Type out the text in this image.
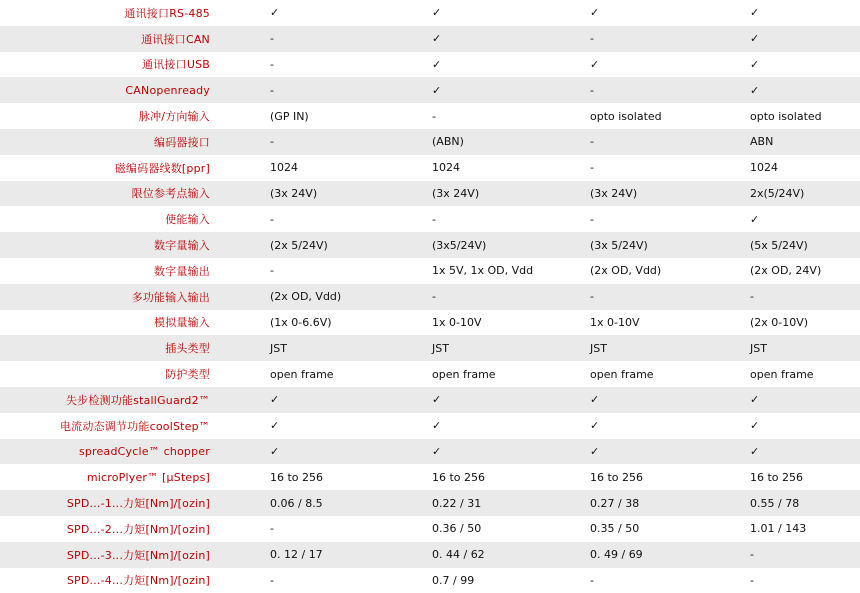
通讯接口RS-485	✓	✓	✓	✓
通讯接口CAN	-	✓	-	✓
通讯接口USB	-	✓	✓	✓
CANopenready	-	✓	-	✓
脉冲/方向输入	(GP IN)	-	opto isolated	opto isolated
编码器接口	-	(ABN)	-	ABN
磁编码器线数[ppr]	1024	1024	-	1024
限位参考点输入	(3x 24V)	(3x 24V)	(3x 24V)	2x(5/24V)
使能输入	-	-	-	✓
数字量输入	(2x 5/24V)	(3x5/24V)	(3x 5/24V)	(5x 5/24V)
数字量输出	-	1x 5V, 1x OD, Vdd	(2x OD, Vdd)	(2x OD, 24V)
多功能输入输出	(2x OD, Vdd)	-	-	-
模拟量输入	(1x 0-6.6V)	1x 0-10V	1x 0-10V	(2x 0-10V)
插头类型	JST	JST	JST	JST
防护类型	open frame	open frame	open frame	open frame
失步检测功能stallGuard2™	✓	✓	✓	✓
电流动态调节功能coolStep™	✓	✓	✓	✓
spreadCycle™ chopper	✓	✓	✓	✓
microPlyer™ [µSteps]	16 to 256	16 to 256	16 to 256	16 to 256
SPD...-1...力矩[Nm]/[ozin]	0.06 / 8.5	0.22 / 31	0.27 / 38	0.55 / 78
SPD...-2...力矩[Nm]/[ozin]	-	0.36 / 50	0.35 / 50	1.01 / 143
SPD...-3...力矩[Nm]/[ozin]	0. 12 / 17	0. 44 / 62	0. 49 / 69	-
SPD...-4...力矩[Nm]/[ozin]	-	0.7 / 99	-	-
